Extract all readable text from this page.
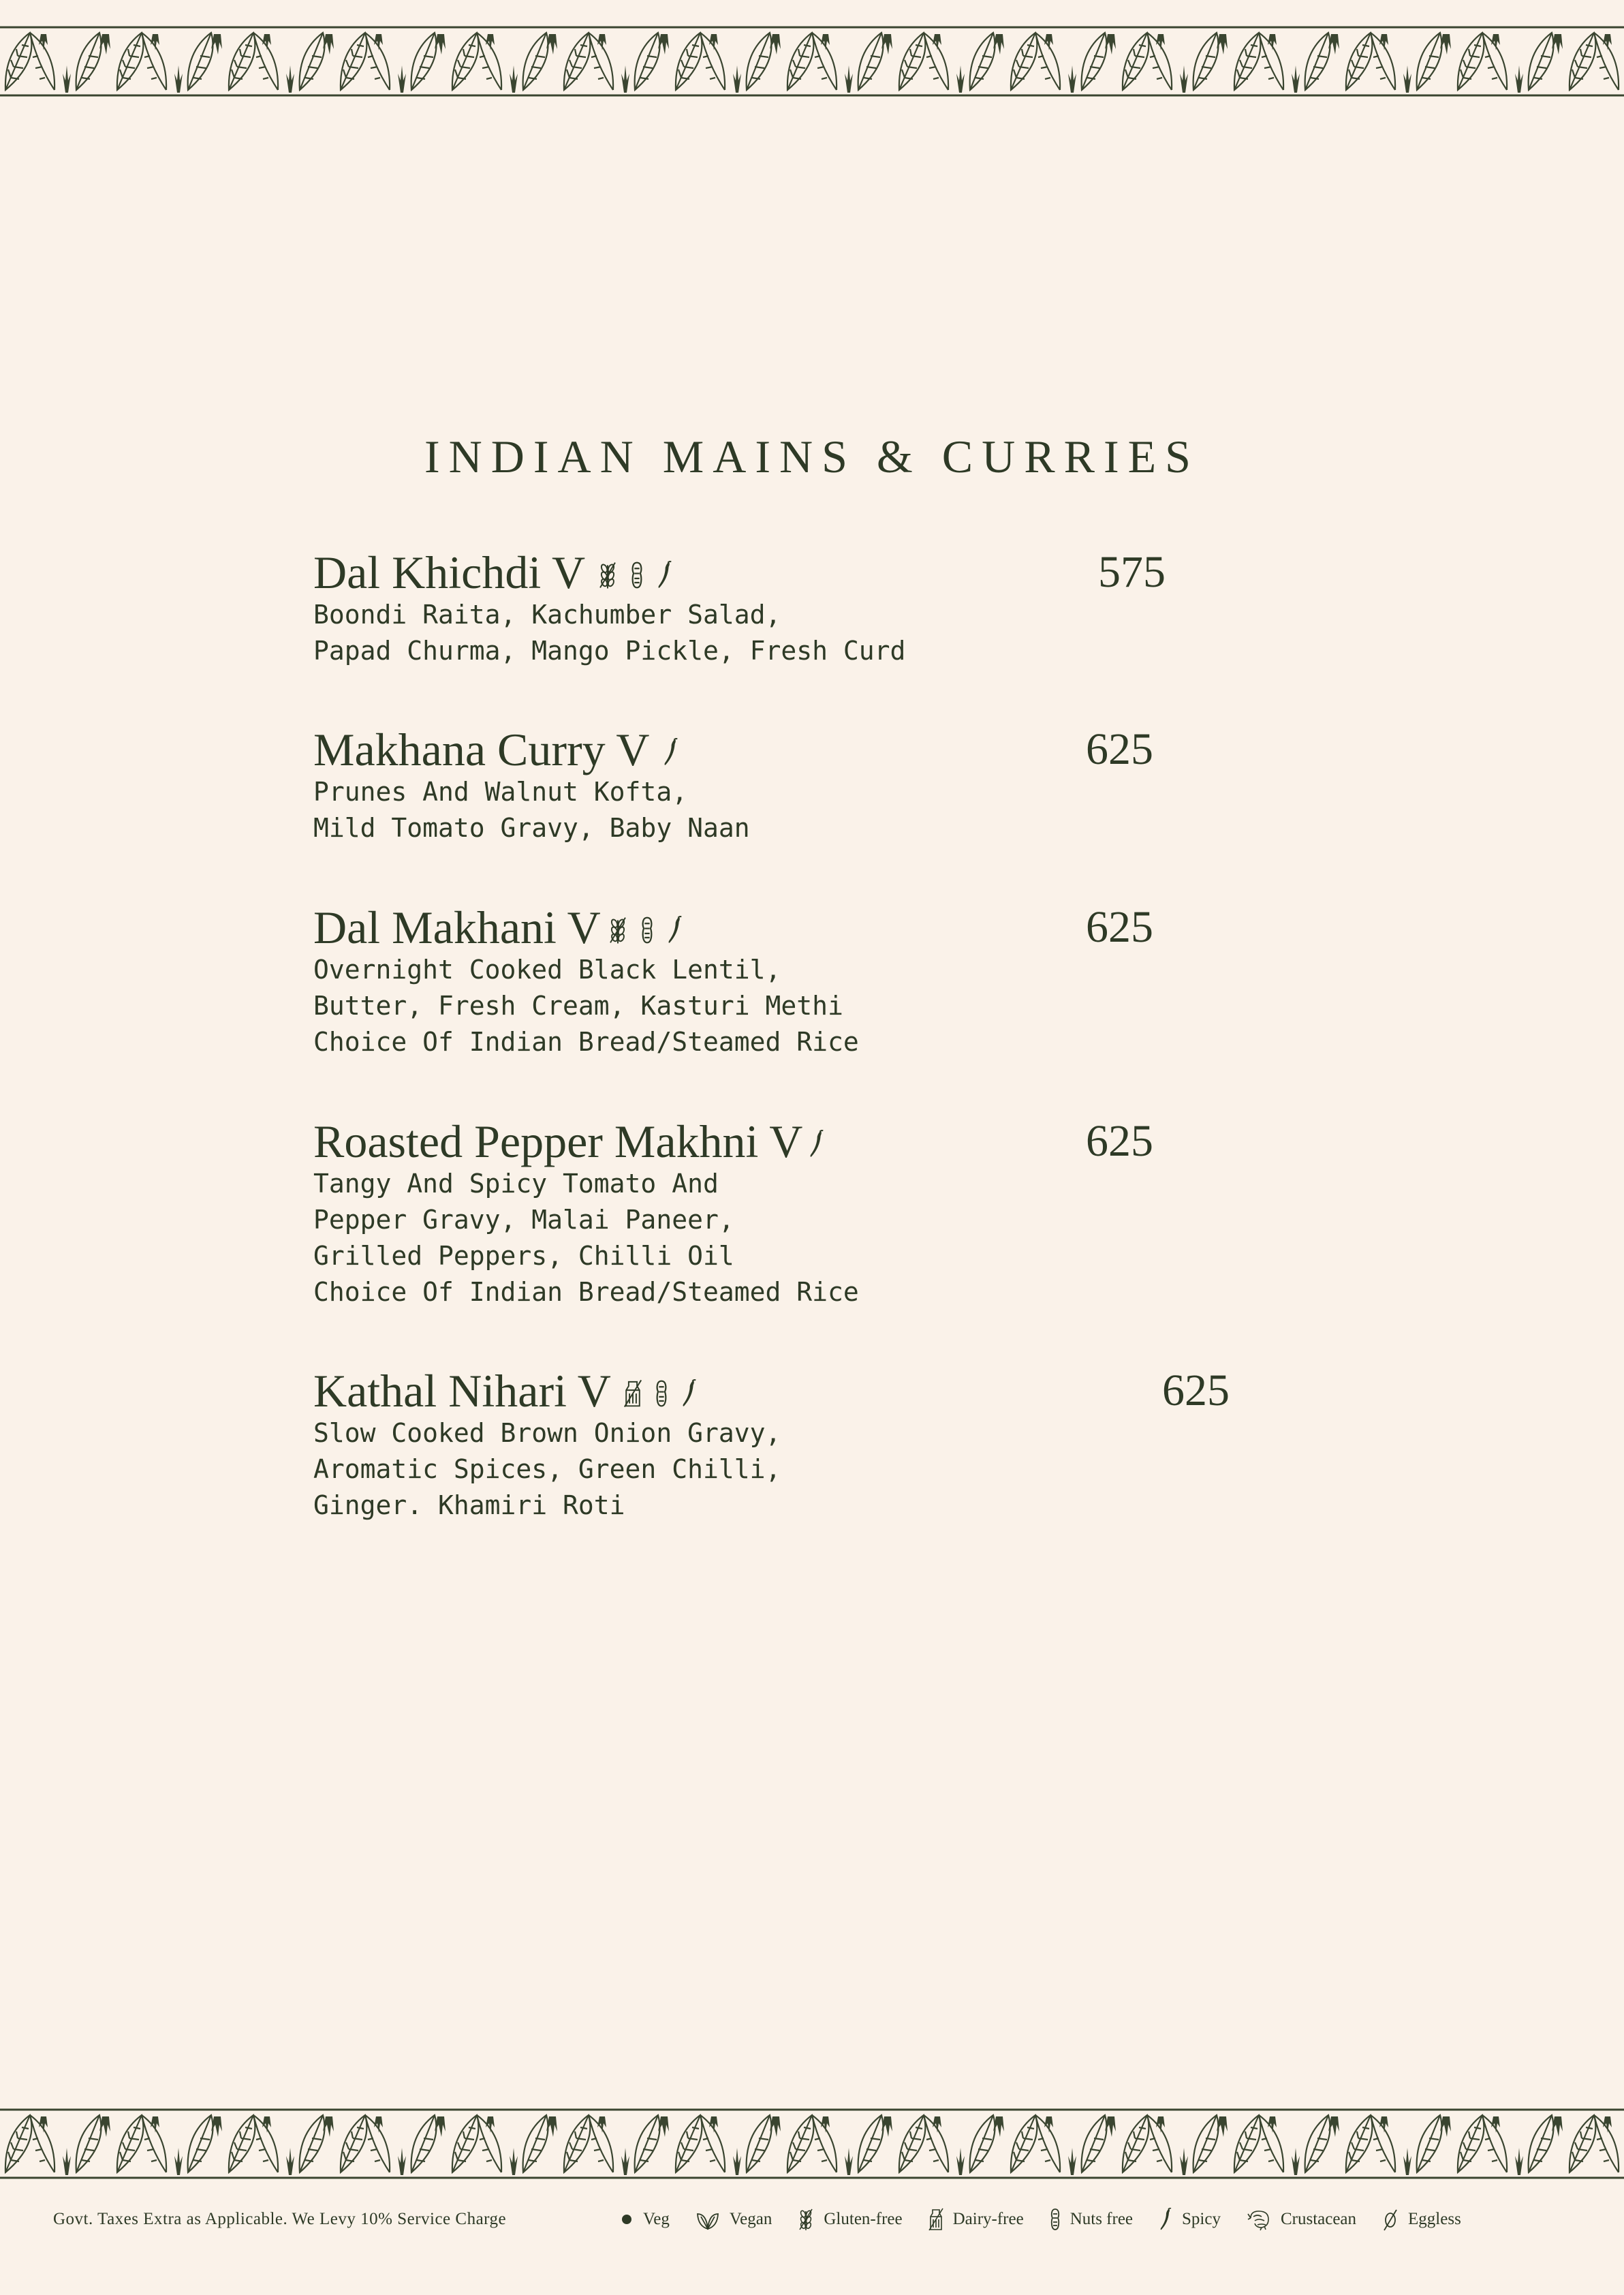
INDIAN MAINS & CURRIES
Dal Khichdi V	575
Boondi Raita, Kachumber Salad,
Papad Churma, Mango Pickle, Fresh Curd
Makhana Curry V	625
Prunes And Walnut Kofta,
Mild Tomato Gravy, Baby Naan
Dal Makhani V	625
Overnight Cooked Black Lentil,
Butter, Fresh Cream, Kasturi Methi
Choice Of Indian Bread/Steamed Rice
Roasted Pepper Makhni V	625
Tangy And Spicy Tomato And
Pepper Gravy, Malai Paneer,
Grilled Peppers, Chilli Oil
Choice Of Indian Bread/Steamed Rice
Kathal Nihari V	625
Slow Cooked Brown Onion Gravy,
Aromatic Spices, Green Chilli,
Ginger. Khamiri Roti
Govt. Taxes Extra as Applicable. We Levy 10% Service Charge	Veg	Vegan	Gluten-free	Dairy-free	Nuts free	Spicy	Crustacean	Eggless
